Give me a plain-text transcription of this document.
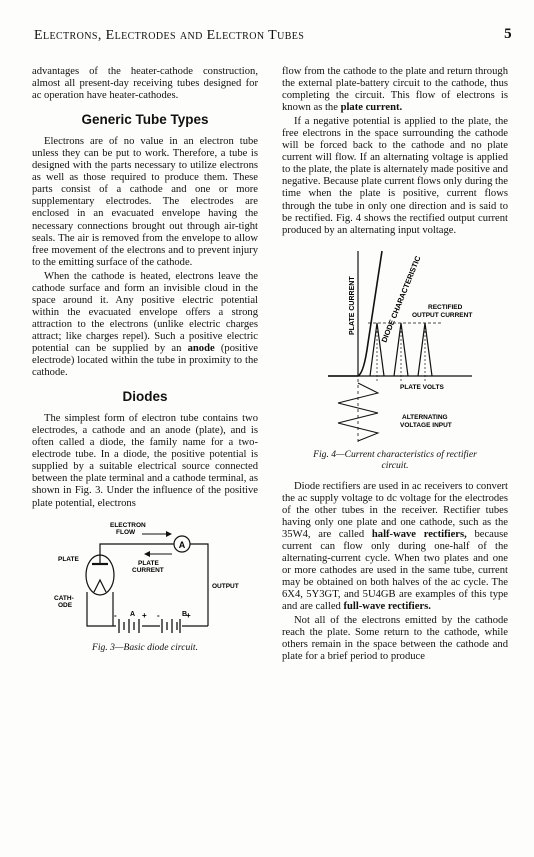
Electrons, Electrodes and Electron Tubes	5

advantages of the heater-cathode construction, almost all present-day receiving tubes designed for ac operation have heater-cathodes.

Generic Tube Types

Electrons are of no value in an electron tube unless they can be put to work. Therefore, a tube is designed with the parts necessary to utilize electrons as well as those required to produce them. These parts consist of a cathode and one or more supplementary electrodes. The electrodes are enclosed in an evacuated envelope having the necessary connections brought out through air-tight seals. The air is removed from the envelope to allow free movement of the electrons and to prevent injury to the emitting surface of the cathode.

When the cathode is heated, electrons leave the cathode surface and form an invisible cloud in the space around it. Any positive electric potential within the evacuated envelope offers a strong attraction to the electrons (unlike electric charges attract; like charges repel). Such a positive electric potential can be supplied by an anode (positive electrode) located within the tube in proximity to the cathode.

Diodes

The simplest form of electron tube contains two electrodes, a cathode and an anode (plate), and is often called a diode, the family name for a two-electrode tube. In a diode, the positive potential is supplied by a suitable electrical source connected between the plate terminal and a cathode terminal, as shown in Fig. 3. Under the influence of the positive plate potential, electrons

A
ELECTRON
FLOW
PLATE
PLATE
CURRENT
CATH-
ODE
OUTPUT
A	B
-	+ -	+
Fig. 3—Basic diode circuit.

flow from the cathode to the plate and return through the external plate-battery circuit to the cathode, thus completing the circuit. This flow of electrons is known as the plate current.

If a negative potential is applied to the plate, the free electrons in the space surrounding the cathode will be forced back to the cathode and no plate current will flow. If an alternating voltage is applied to the plate, the plate is alternately made positive and negative. Because plate current flows only during the time when the plate is positive, current flows through the tube in only one direction and is said to be rectified. Fig. 4 shows the rectified output current produced by an alternating input voltage.

PLATE CURRENT	DIODE CHARACTERISTIC RECTIFIED
OUTPUT CURRENT
PLATE VOLTS
ALTERNATING
VOLTAGE INPUT
Fig. 4—Current characteristics of rectifier
circuit.

Diode rectifiers are used in ac receivers to convert the ac supply voltage to dc voltage for the electrodes of the other tubes in the receiver. Rectifier tubes having only one plate and one cathode, such as the 35W4, are called half-wave rectifiers, because current can flow only during one-half of the alternating-current cycle. When two plates and one or more cathodes are used in the same tube, current may be obtained on both halves of the ac cycle. The 6X4, 5Y3GT, and 5U4GB are examples of this type and are called full-wave rectifiers.

Not all of the electrons emitted by the cathode reach the plate. Some return to the cathode, while others remain in the space between the cathode and plate for a brief period to produce
